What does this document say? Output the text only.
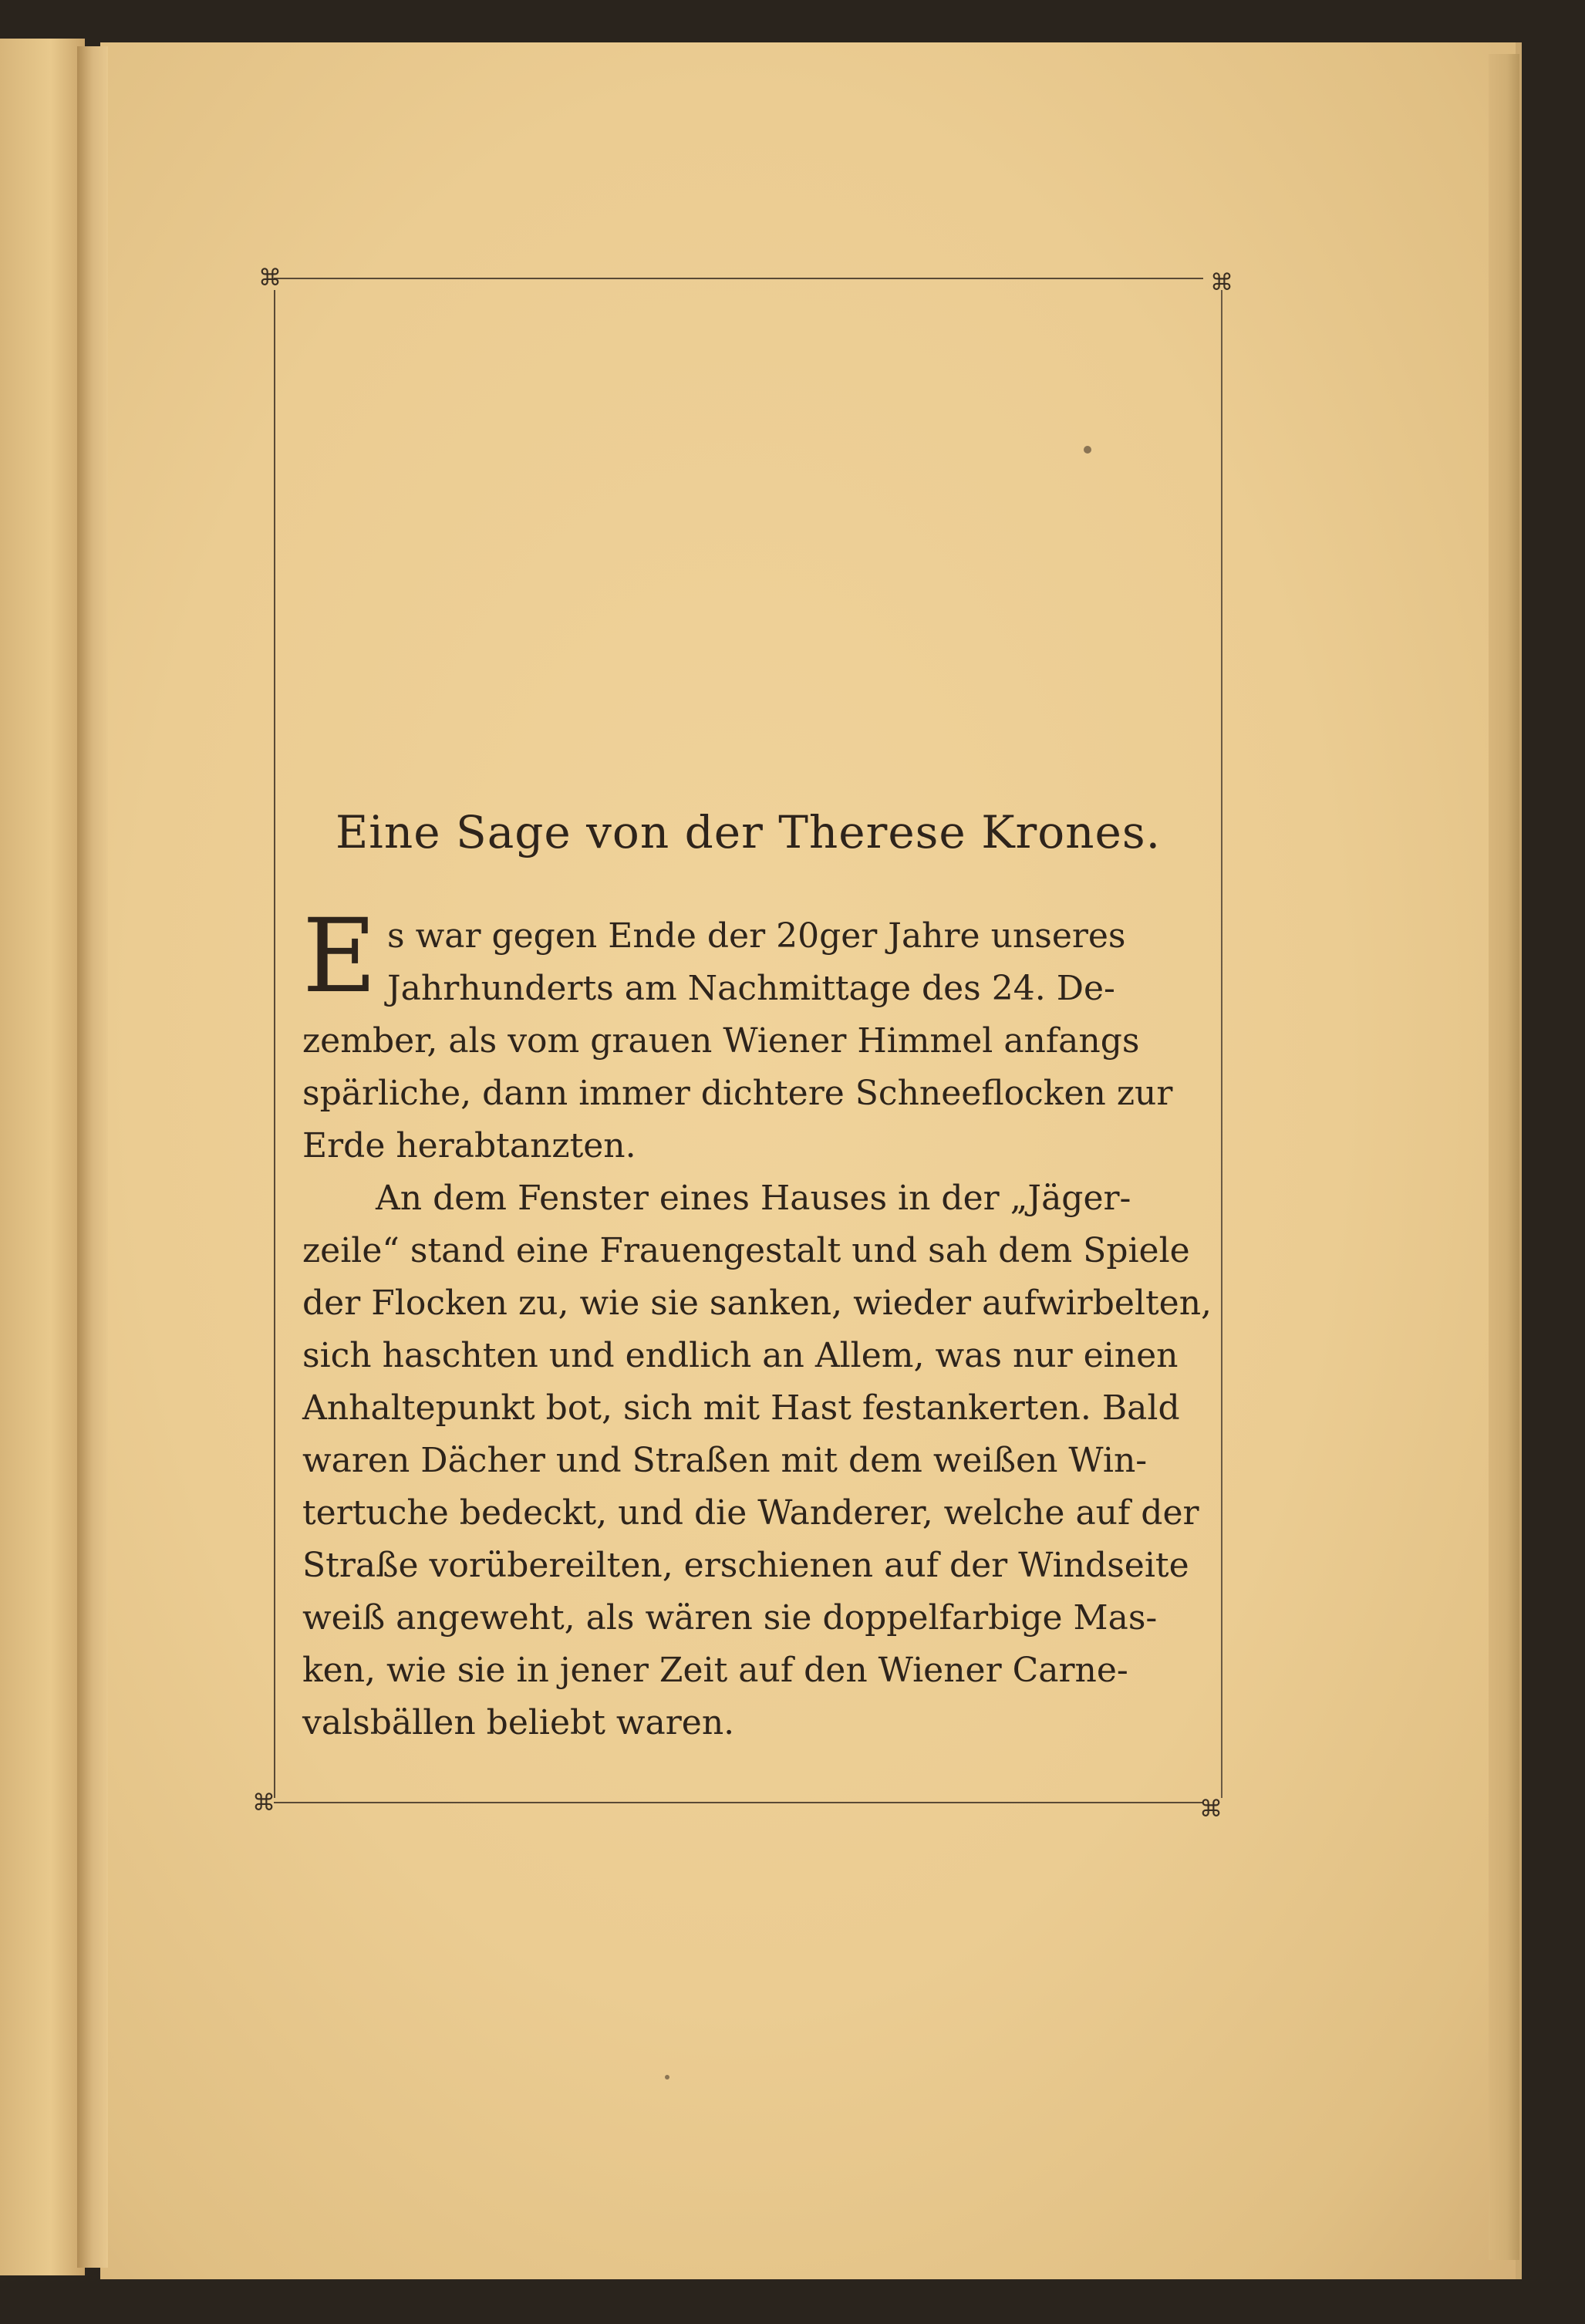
⌘	⌘
⌘	⌘
Eine Sage von der Therese Krones.
E s war gegen Ende der 20ger Jahre unseres
Jahrhunderts am Nachmittage des 24. De-
zember, als vom grauen Wiener Himmel anfangs
spärliche, dann immer dichtere Schneeflocken zur
Erde herabtanzten.
An dem Fenster eines Hauses in der „Jäger-
zeile“ stand eine Frauengestalt und sah dem Spiele
der Flocken zu, wie sie sanken, wieder aufwirbelten,
sich haschten und endlich an Allem, was nur einen
Anhaltepunkt bot, sich mit Hast festankerten. Bald
waren Dächer und Straßen mit dem weißen Win-
tertuche bedeckt, und die Wanderer, welche auf der
Straße vorübereilten, erschienen auf der Windseite
weiß angeweht, als wären sie doppelfarbige Mas-
ken, wie sie in jener Zeit auf den Wiener Carne-
valsbällen beliebt waren.
